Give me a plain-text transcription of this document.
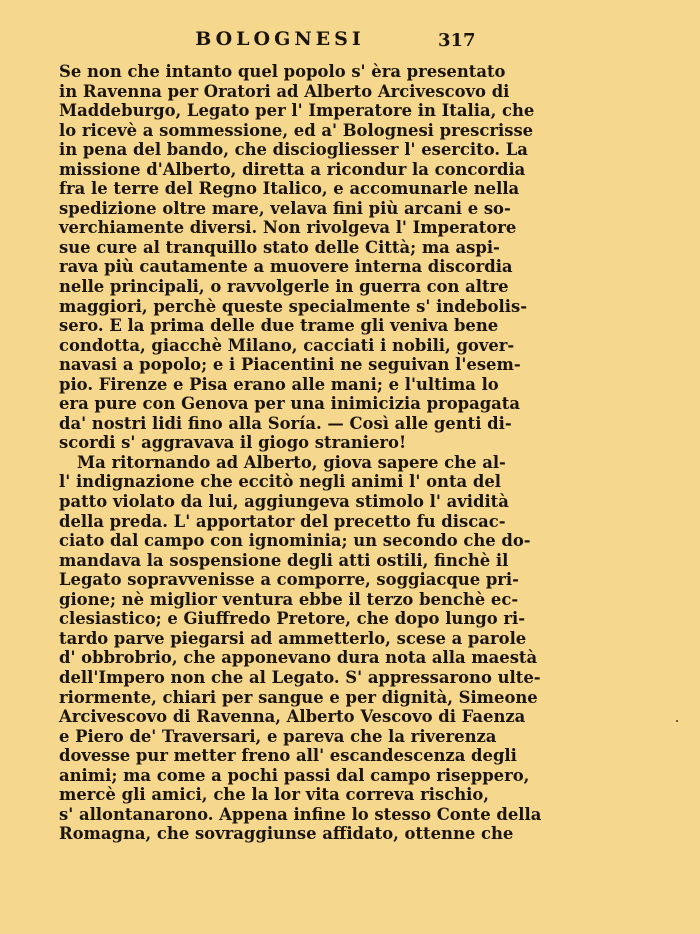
BOLOGNESI	317
Se non che intanto quel popolo s' èra presentato
in Ravenna per Oratori ad Alberto Arcivescovo di
Maddeburgo, Legato per l' Imperatore in Italia, che
lo ricevè a sommessione, ed a' Bolognesi prescrisse
in pena del bando, che disciogliesser l' esercito. La
missione d'Alberto, diretta a ricondur la concordia
fra le terre del Regno Italico, e accomunarle nella
spedizione oltre mare, velava fini più arcani e so-
verchiamente diversi. Non rivolgeva l' Imperatore
sue cure al tranquillo stato delle Città; ma aspi-
rava più cautamente a muovere interna discordia
nelle principali, o ravvolgerle in guerra con altre
maggiori, perchè queste specialmente s' indebolis-
sero. E la prima delle due trame gli veniva bene
condotta, giacchè Milano, cacciati i nobili, gover-
navasi a popolo; e i Piacentini ne seguivan l'esem-
pio. Firenze e Pisa erano alle mani; e l'ultima lo
era pure con Genova per una inimicizia propagata
da' nostri lidi fino alla Soría. — Così alle genti di-
scordi s' aggravava il giogo straniero!
Ma ritornando ad Alberto, giova sapere che al-
l' indignazione che eccitò negli animi l' onta del
patto violato da lui, aggiungeva stimolo l' avidità
della preda. L' apportator del precetto fu discac-
ciato dal campo con ignominia; un secondo che do-
mandava la sospensione degli atti ostili, finchè il
Legato sopravvenisse a comporre, soggiacque pri-
gione; nè miglior ventura ebbe il terzo benchè ec-
clesiastico; e Giuffredo Pretore, che dopo lungo ri-
tardo parve piegarsi ad ammetterlo, scese a parole
d' obbrobrio, che apponevano dura nota alla maestà
dell'Impero non che al Legato. S' appressarono ulte-
riormente, chiari per sangue e per dignità, Simeone
Arcivescovo di Ravenna, Alberto Vescovo di Faenza
e Piero de' Traversari, e pareva che la riverenza
dovesse pur metter freno all' escandescenza degli
animi; ma come a pochi passi dal campo riseppero,
mercè gli amici, che la lor vita correva rischio,
s' allontanarono. Appena infine lo stesso Conte della
Romagna, che sovraggiunse affidato, ottenne che
